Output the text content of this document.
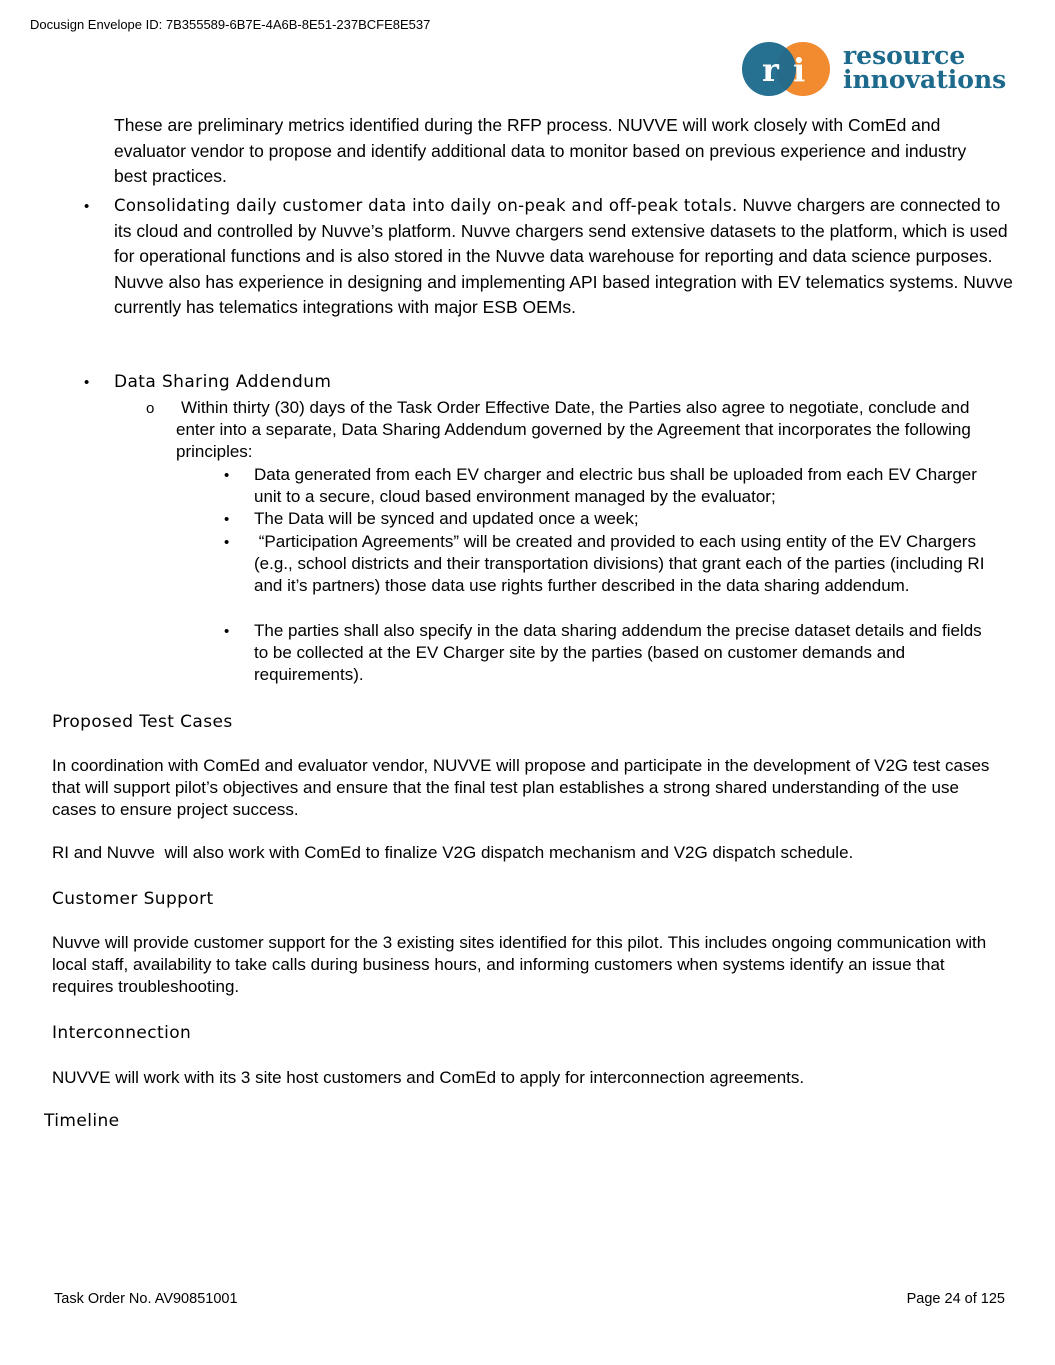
Docusign Envelope ID: 7B355589-6B7E-4A6B-8E51-237BCFE8E537
r i resource
innovations

These are preliminary metrics identified during the RFP process. NUVVE will work closely with ComEd and evaluator vendor to propose and identify additional data to monitor based on previous experience and industry best practices.

• Consolidating daily customer data into daily on-peak and off-peak totals. Nuvve chargers are connected to its cloud and controlled by Nuvve’s platform. Nuvve chargers send extensive datasets to the platform, which is used for operational functions and is also stored in the Nuvve data warehouse for reporting and data science purposes. Nuvve also has experience in designing and implementing API based integration with EV telematics systems. Nuvve currently has telematics integrations with major ESB OEMs.

• Data Sharing Addendum
o Within thirty (30) days of the Task Order Effective Date, the Parties also agree to negotiate, conclude and enter into a separate, Data Sharing Addendum governed by the Agreement that incorporates the following principles:

• Data generated from each EV charger and electric bus shall be uploaded from each EV Charger unit to a secure, cloud based environment managed by the evaluator;

• The Data will be synced and updated once a week;

• “Participation Agreements” will be created and provided to each using entity of the EV Chargers (e.g., school districts and their transportation divisions) that grant each of the parties (including RI and it’s partners) those data use rights further described in the data sharing addendum.

• The parties shall also specify in the data sharing addendum the precise dataset details and fields to be collected at the EV Charger site by the parties (based on customer demands and requirements).

Proposed Test Cases

In coordination with ComEd and evaluator vendor, NUVVE will propose and participate in the development of V2G test cases that will support pilot’s objectives and ensure that the final test plan establishes a strong shared understanding of the use cases to ensure project success.

RI and Nuvve  will also work with ComEd to finalize V2G dispatch mechanism and V2G dispatch schedule.

Customer Support

Nuvve will provide customer support for the 3 existing sites identified for this pilot. This includes ongoing communication with local staff, availability to take calls during business hours, and informing customers when systems identify an issue that requires troubleshooting.

Interconnection

NUVVE will work with its 3 site host customers and ComEd to apply for interconnection agreements.

Timeline
Task Order No. AV90851001	Page 24 of 125
